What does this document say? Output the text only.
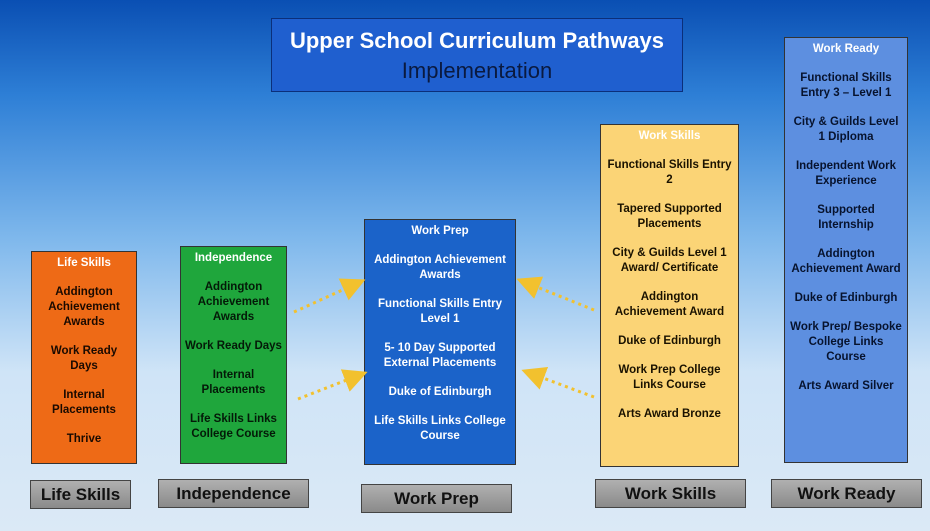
Upper School Curriculum Pathways
Implementation
Life Skills
Addington Achievement Awards
Work Ready Days
Internal Placements
Thrive
Independence
Addington Achievement Awards
Work Ready Days
Internal Placements
Life Skills Links College Course
Work Prep
Addington Achievement Awards
Functional Skills Entry Level 1
5- 10 Day Supported External Placements
Duke of Edinburgh
Life Skills Links College Course
Work Skills
Functional Skills Entry 2
Tapered Supported Placements
City & Guilds Level 1 Award/ Certificate
Addington Achievement Award
Duke of Edinburgh
Work Prep College Links Course
Arts Award Bronze
Work Ready
Functional Skills Entry 3 – Level 1
City & Guilds Level 1 Diploma
Independent Work Experience
Supported Internship
Addington Achievement Award
Duke of Edinburgh
Work Prep/ Bespoke College Links Course
Arts Award Silver
Life Skills	Independence	Work Prep	Work Skills	Work Ready
